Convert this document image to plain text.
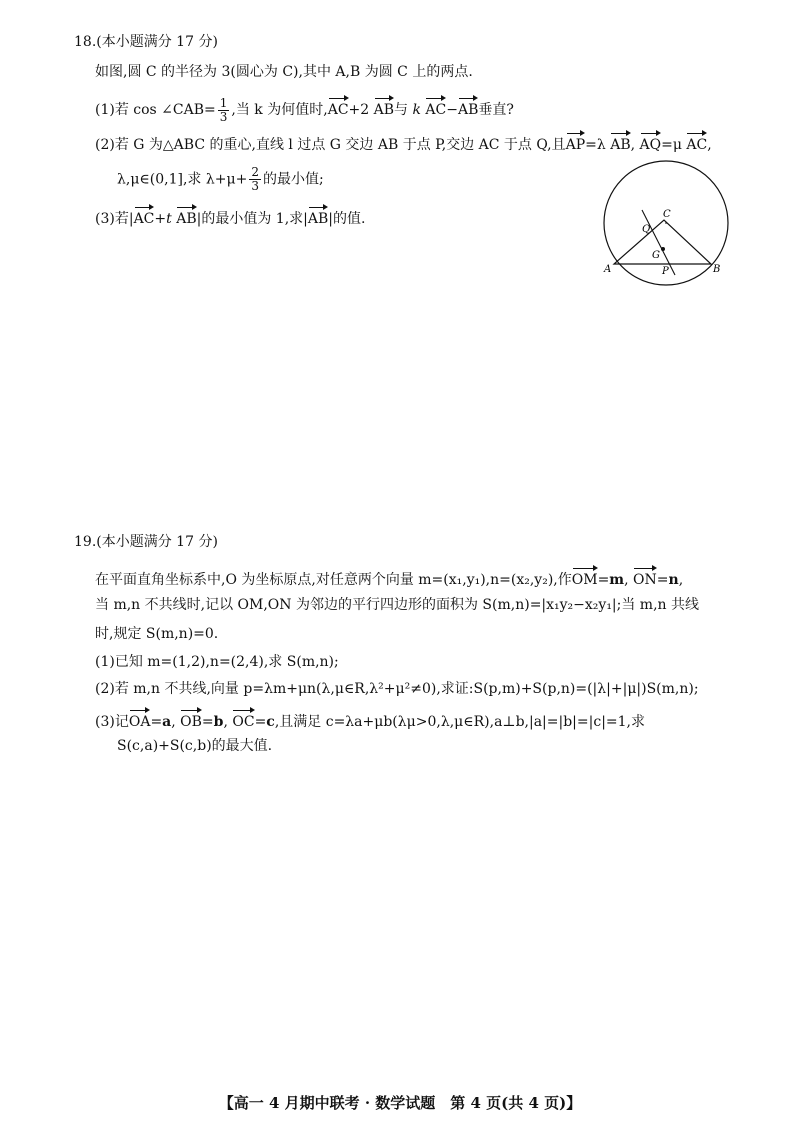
18.(本小题满分 17 分)
如图,圆 C 的半径为 3(圆心为 C),其中 A,B 为圆 C 上的两点.
(1)若 cos ∠CAB= $\frac{1}{3}$ ,当 k 为何值时,AC+2 AB与 k AC−AB垂直?
(2)若 G 为△ABC 的重心,直线 l 过点 G 交边 AB 于点 P,交边 AC 于点 Q,且AP=λ AB, AQ=μ AC,
λ,μ∈(0,1],求 $\lambda+\mu+ \frac{2}{3}$ 的最小值;
(3)若|AC+t AB|的最小值为 1,求|AB|的值.
A	B
C
Q
G
P
19.(本小题满分 17 分)
在平面直角坐标系中,O 为坐标原点,对任意两个向量 m=(x₁,y₁),n=(x₂,y₂),作OM=m, ON=n,
当 m,n 不共线时,记以 OM,ON 为邻边的平行四边形的面积为 S(m,n)=|x₁y₂−x₂y₁|;当 m,n 共线
时,规定 S(m,n)=0.
(1)已知 m=(1,2),n=(2,4),求 S(m,n);
(2)若 m,n 不共线,向量 p=λm+μn(λ,μ∈R,λ²+μ²≠0),求证:S(p,m)+S(p,n)=(|λ|+|μ|)S(m,n);
(3)记OA=a, OB=b, OC=c,且满足 c=λa+μb(λμ>0,λ,μ∈R),a⊥b,|a|=|b|=|c|=1,求
S(c,a)+S(c,b)的最大值.
【高一 4 月期中联考 · 数学试题　第 4 页(共 4 页)】
